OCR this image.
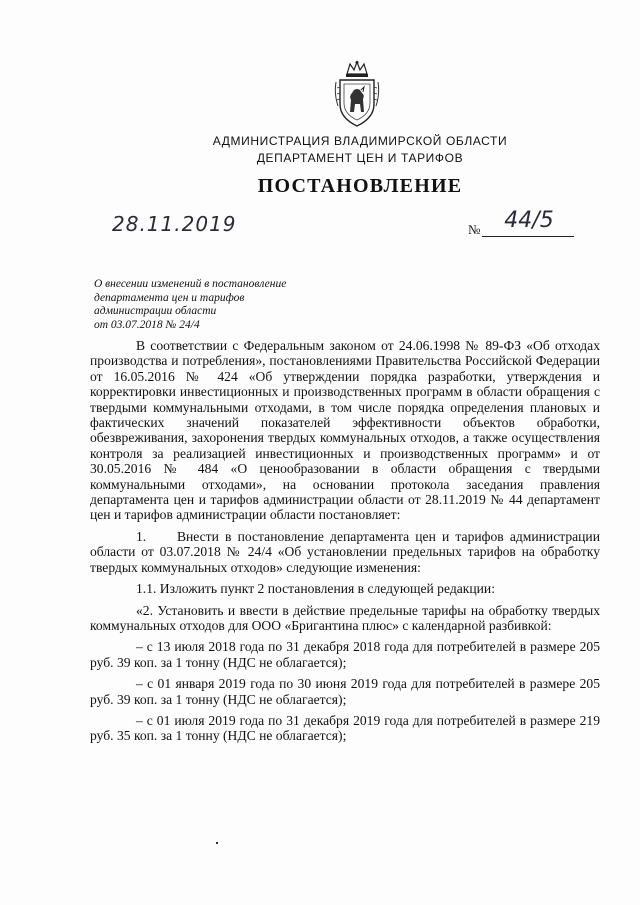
АДМИНИСТРАЦИЯ ВЛАДИМИРСКОЙ ОБЛАСТИ
ДЕПАРТАМЕНТ ЦЕН И ТАРИФОВ
ПОСТАНОВЛЕНИЕ
28.11.2019	№	44/5
О внесении изменений в постановление
департамента цен и тарифов
администрации области
от 03.07.2018 № 24/4

В соответствии с Федеральным законом от 24.06.1998 № 89-ФЗ «Об отходах производства и потребления», постановлениями Правительства Российской Федерации от 16.05.2016 № 424 «Об утверждении порядка разработки, утверждения и корректировки инвестиционных и производственных программ в области обращения с твердыми коммунальными отходами, в том числе порядка определения плановых и фактических значений показателей эффективности объектов обработки, обезвреживания, захоронения твердых коммунальных отходов, а также осуществления контроля за реализацией инвестиционных и производственных программ» и от 30.05.2016 № 484 «О ценообразовании в области обращения с твердыми коммунальными отходами», на основании протокола заседания правления департамента цен и тарифов администрации области от 28.11.2019 № 44 департамент цен и тарифов администрации области постановляет:

1.     Внести в постановление департамента цен и тарифов администрации области от 03.07.2018 № 24/4 «Об установлении предельных тарифов на обработку твердых коммунальных отходов» следующие изменения:

1.1. Изложить пункт 2 постановления в следующей редакции:

«2. Установить и ввести в действие предельные тарифы на обработку твердых коммунальных отходов для ООО «Бригантина плюс» с календарной разбивкой:

– с 13 июля 2018 года по 31 декабря 2018 года для потребителей в размере 205 руб. 39 коп. за 1 тонну (НДС не облагается);

– с 01 января 2019 года по 30 июня 2019 года для потребителей в размере 205 руб. 39 коп. за 1 тонну (НДС не облагается);

– с 01 июля 2019 года по 31 декабря 2019 года для потребителей в размере 219 руб. 35 коп. за 1 тонну (НДС не облагается);
